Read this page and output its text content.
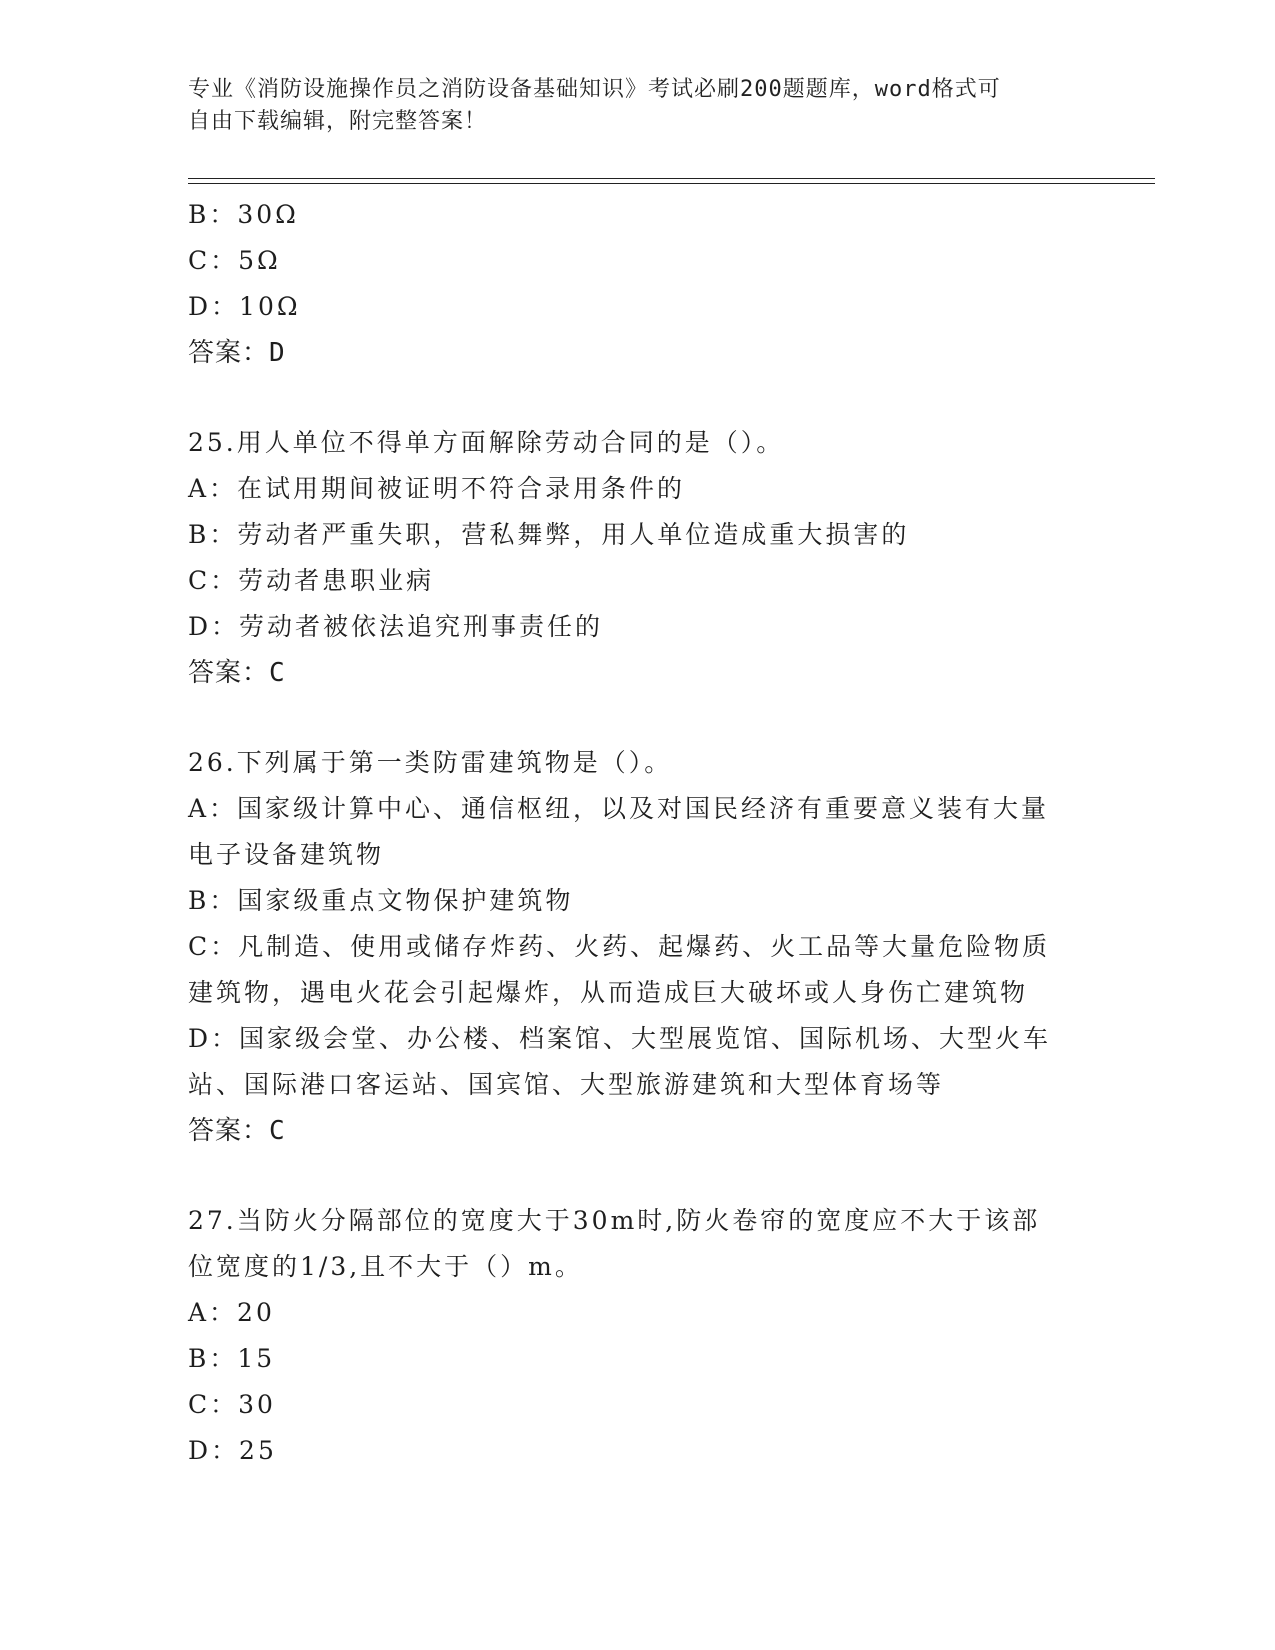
专业《消防设施操作员之消防设备基础知识》考试必刷200题题库，word格式可
自由下载编辑，附完整答案！
B：30Ω
C：5Ω
D：10Ω
答案：D
25.用人单位不得单方面解除劳动合同的是（）。
A：在试用期间被证明不符合录用条件的
B：劳动者严重失职，营私舞弊，用人单位造成重大损害的
C：劳动者患职业病
D：劳动者被依法追究刑事责任的
答案：C
26.下列属于第一类防雷建筑物是（）。
A：国家级计算中心、通信枢纽，以及对国民经济有重要意义装有大量
电子设备建筑物
B：国家级重点文物保护建筑物
C：凡制造、使用或储存炸药、火药、起爆药、火工品等大量危险物质
建筑物，遇电火花会引起爆炸，从而造成巨大破坏或人身伤亡建筑物
D：国家级会堂、办公楼、档案馆、大型展览馆、国际机场、大型火车
站、国际港口客运站、国宾馆、大型旅游建筑和大型体育场等
答案：C
27.当防火分隔部位的宽度大于30m时,防火卷帘的宽度应不大于该部
位宽度的1/3,且不大于（）m。
A：20
B：15
C：30
D：25
